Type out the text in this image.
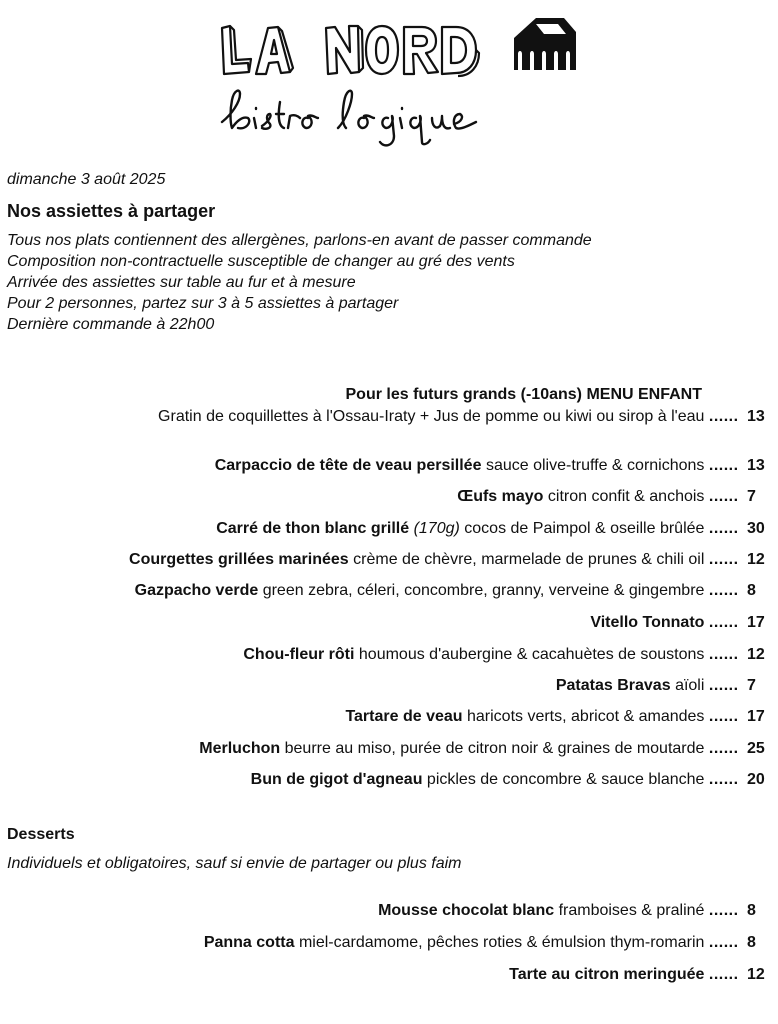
dimanche 3 août 2025
Nos assiettes à partager
Tous nos plats contiennent des allergènes, parlons-en avant de passer commande
Composition non-contractuelle susceptible de changer au gré des vents
Arrivée des assiettes sur table au fur et à mesure
Pour 2 personnes, partez sur 3 à 5 assiettes à partager
Dernière commande à 22h00
Pour les futurs grands (-10ans) MENU ENFANT
Gratin de coquillettes à l'Ossau-Iraty + Jus de pomme ou kiwi ou sirop à l'eau ...... 13
Carpaccio de tête de veau persillée sauce olive-truffe & cornichons ...... 13
Œufs mayo citron confit & anchois ...... 7
Carré de thon blanc grillé (170g) cocos de Paimpol & oseille brûlée ...... 30
Courgettes grillées marinées crème de chèvre, marmelade de prunes & chili oil ...... 12
Gazpacho verde green zebra, céleri, concombre, granny, verveine & gingembre ...... 8
Vitello Tonnato ...... 17
Chou-fleur rôti houmous d'aubergine & cacahuètes de soustons ...... 12
Patatas Bravas aïoli ...... 7
Tartare de veau haricots verts, abricot & amandes ...... 17
Merluchon beurre au miso, purée de citron noir & graines de moutarde ...... 25
Bun de gigot d'agneau pickles de concombre & sauce blanche ...... 20
Desserts
Individuels et obligatoires, sauf si envie de partager ou plus faim
Mousse chocolat blanc framboises & praliné ...... 8
Panna cotta miel-cardamome, pêches roties & émulsion thym-romarin ...... 8
Tarte au citron meringuée ...... 12
